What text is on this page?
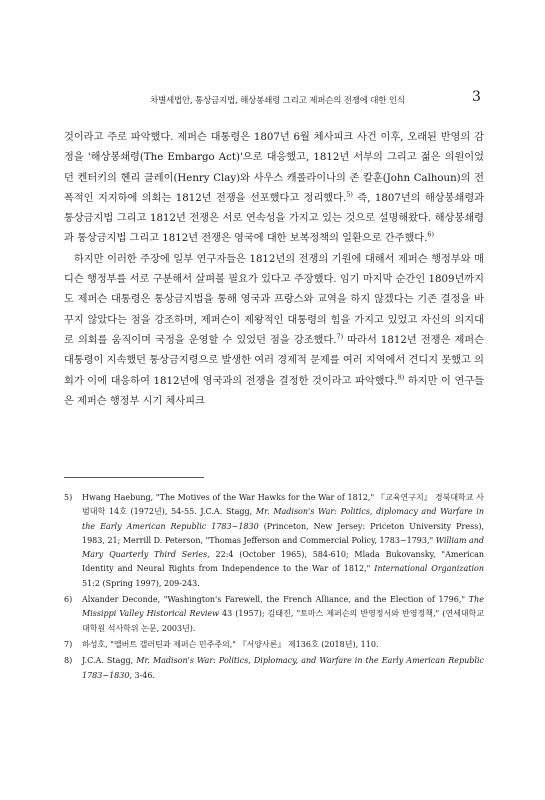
차별세법안, 통상금지법, 해상봉쇄령 그리고 제퍼슨의 전쟁에 대한 인식	3

것이라고 주로 파악했다. 제퍼슨 대통령은 1807년 6월 체사피크 사건 이후, 오래된 반영의 감정을 '해상봉쇄령(The Embargo Act)'으로 대응했고, 1812년 서부의 그리고 젊은 의원이었던 켄터키의 헨리 클레이(Henry Clay)와 사우스 캐롤라이나의 존 칼훈(John Calhoun)의 전폭적인 지지하에 의회는 1812년 전쟁을 선포했다고 정리했다.$^{5)}$ 즉, 1807년의 해상봉쇄령과 통상금지법 그리고 1812년 전쟁은 서로 연속성을 가지고 있는 것으로 설명해왔다. 해상봉쇄령과 통상금지법 그리고 1812년 전쟁은 영국에 대한 보복정책의 일환으로 간주했다.$^{6)}$

하지만 이러한 주장에 일부 연구자들은 1812년의 전쟁의 기원에 대해서 제퍼슨 행정부와 매디슨 행정부를 서로 구분해서 살펴볼 필요가 있다고 주장했다. 임기 마지막 순간인 1809년까지도 제퍼슨 대통령은 통상금지법을 통해 영국과 프랑스와 교역을 하지 않겠다는 기존 결정을 바꾸지 않았다는 점을 강조하며, 제퍼슨이 제왕적인 대통령의 힘을 가지고 있었고 자신의 의지대로 의회를 움직이며 국정을 운영할 수 있었던 점을 강조했다.$^{7)}$ 따라서 1812년 전쟁은 제퍼슨 대통령이 지속했던 통상금지령으로 발생한 여러 경제적 문제를 여러 지역에서 견디지 못했고 의회가 이에 대응하여 1812년에 영국과의 전쟁을 결정한 것이라고 파악했다.$^{8)}$ 하지만 이 연구들은 제퍼슨 행정부 시기 체사피크

5)	Hwang Haebung, "The Motives of the War Hawks for the War of 1812," 『교육연구지』 경북대학교 사범대학 14호 (1972년), 54-55. J.C.A. Stagg, Mr. Madison's War: Politics, diplomacy and Warfare in the Early American Republic 1783~1830 (Princeton, New Jersey: Priceton University Press), 1983, 21; Merrill D. Peterson, "Thomas Jefferson and Commercial Policy, 1783~1793," William and Mary Quarterly Third Series, 22:4 (October 1965), 584-610; Mlada Bukovansky, "American Identity and Neural Rights from Independence to the War of 1812," International Organization 51:2 (Spring 1997), 209-243.
6)	Alxander Deconde, "Washington's Farewell, the French Alliance, and the Election of 1796," The Missippi Valley Historical Review 43 (1957); 김태진, "토마스 제퍼슨의 반영정서와 반영정책," (연세대학교 대학원 석사학위 논문, 2003년).
7)	하성호, "앨버트 갤러틴과 제퍼슨 민주주의," 『서양사론』 제136호 (2018년), 110.
8)	J.C.A. Stagg, Mr. Madison's War: Politics, Diplomacy, and Warfare in the Early American Republic 1783~1830, 3-46.
